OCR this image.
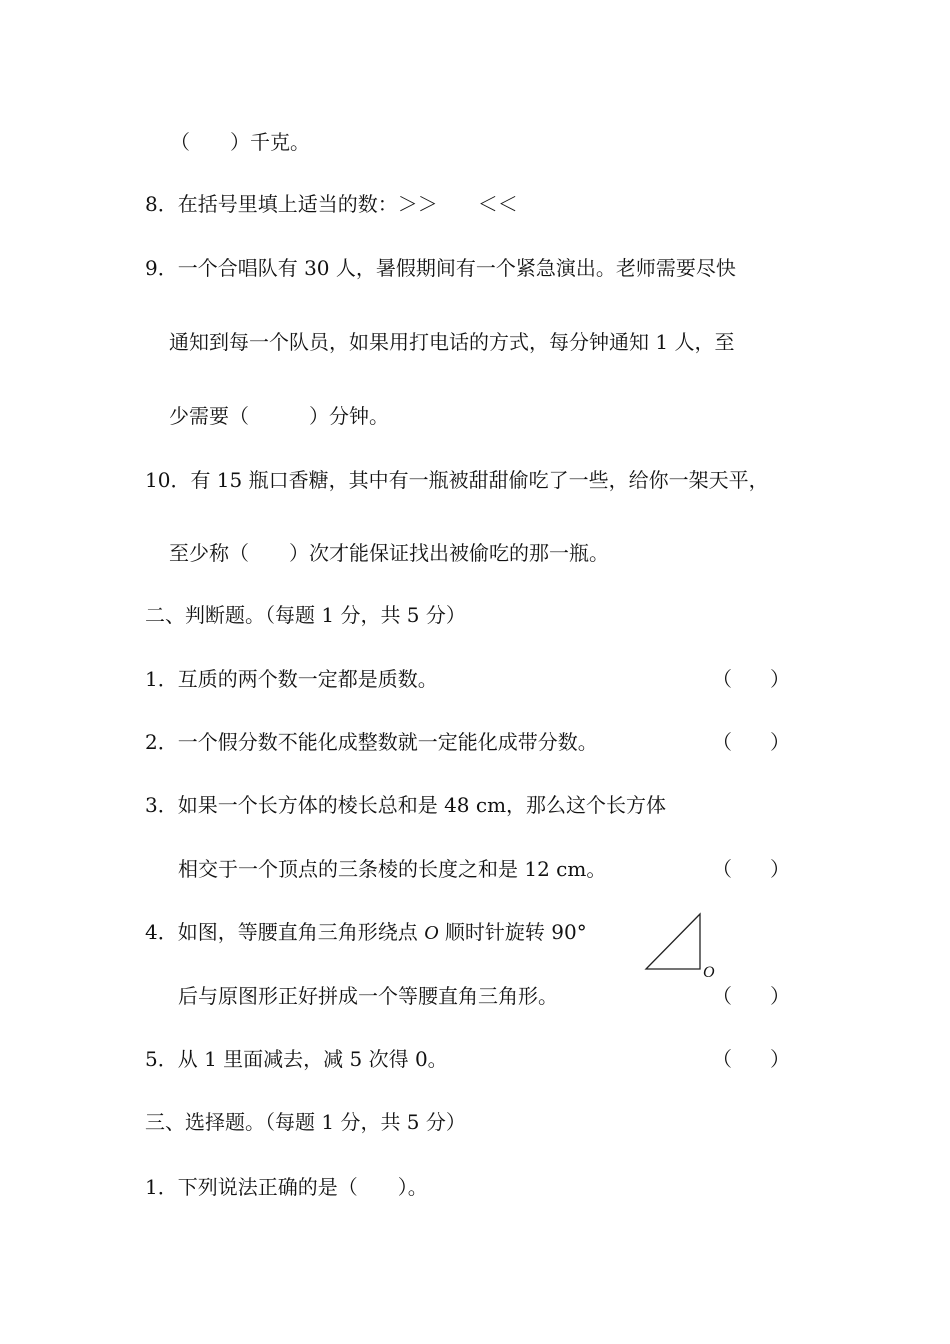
（　　）千克。
8．在括号里填上适当的数：＞＞　　＜＜
9．一个合唱队有 30 人，暑假期间有一个紧急演出。老师需要尽快
通知到每一个队员，如果用打电话的方式，每分钟通知 1 人，至
少需要（　　　）分钟。
10．有 15 瓶口香糖，其中有一瓶被甜甜偷吃了一些，给你一架天平，
至少称（　　）次才能保证找出被偷吃的那一瓶。
二、判断题。（每题 1 分，共 5 分）
1．互质的两个数一定都是质数。	（ ）
2．一个假分数不能化成整数就一定能化成带分数。	（ ）
3．如果一个长方体的棱长总和是 48 cm，那么这个长方体
相交于一个顶点的三条棱的长度之和是 12 cm。	（ ）
4．如图，等腰直角三角形绕点 O 顺时针旋转 90°
O
后与原图形正好拼成一个等腰直角三角形。	（ ）
5．从 1 里面减去，减 5 次得 0。	（ ）
三、选择题。（每题 1 分，共 5 分）
1．下列说法正确的是（　　）。
